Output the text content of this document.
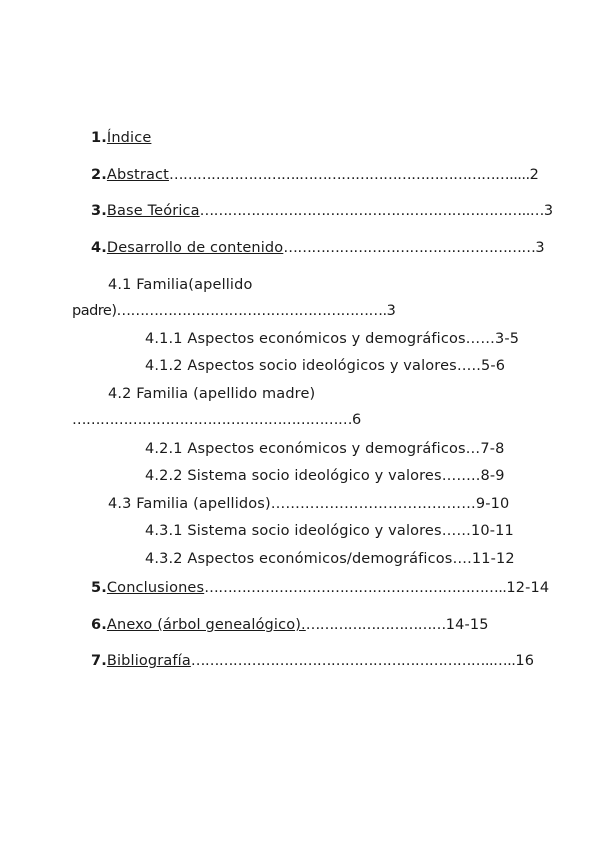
1.Índice
2.Abstract……………………….……………………………………….....2
3.Base Teórica……………………………………………………………..…3
4.Desarrollo de contenido………………………………………………3
4.1 Familia(apellido
padre)………………………………………………….3
4.1.1 Aspectos económicos y demográficos……3-5
4.1.2 Aspectos socio ideológicos y valores…..5-6
4.2 Familia (apellido madre)
……………………………………………………6
4.2.1 Aspectos económicos y demográficos…7-8
4.2.2 Sistema socio ideológico y valores……..8-9
4.3 Familia (apellidos)……………………………………9-10
4.3.1 Sistema socio ideológico y valores……10-11
4.3.2 Aspectos económicos/demográficos….11-12
5.Conclusiones………………………………………………………..12-14
6.Anexo (árbol genealógico).…………………………14-15
7.Bibliografía………………………………………………………..…..16
